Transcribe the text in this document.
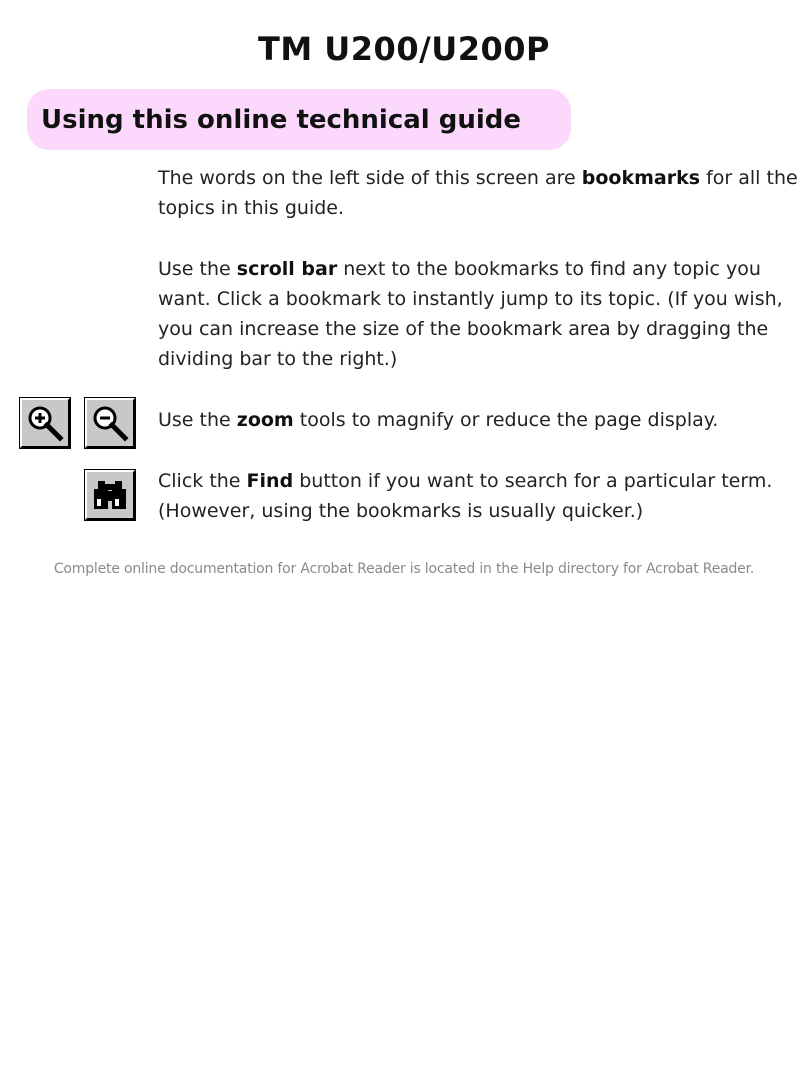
TM U200/U200P
Using this online technical guide
The words on the left side of this screen are bookmarks for all the topics in this guide.
Use the scroll bar next to the bookmarks to find any topic you want. Click a bookmark to instantly jump to its topic. (If you wish, you can increase the size of the bookmark area by dragging the dividing bar to the right.)
Use the zoom tools to magnify or reduce the page display.
Click the Find button if you want to search for a particular term. (However, using the bookmarks is usually quicker.)
Complete online documentation for Acrobat Reader is located in the Help directory for Acrobat Reader.
